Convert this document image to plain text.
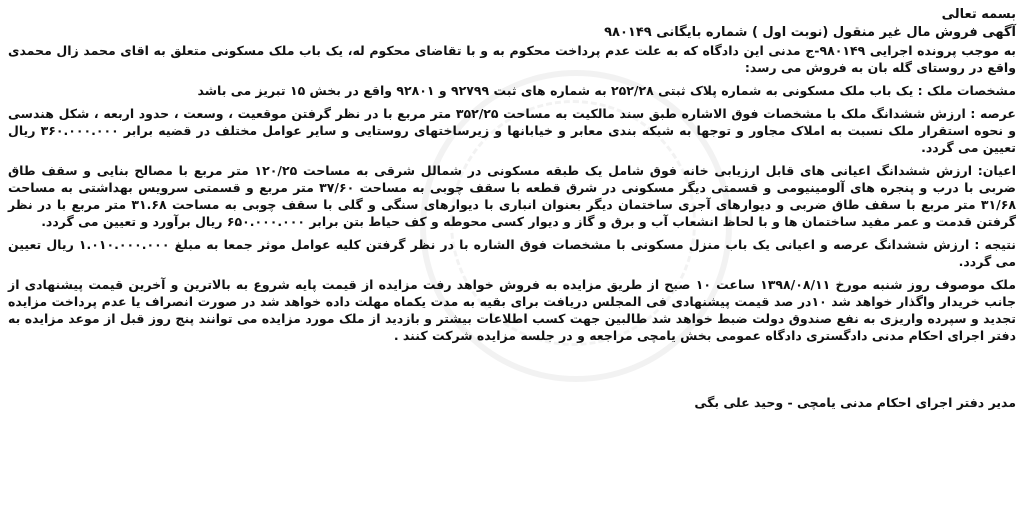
بسمه تعالی

آگهی فروش مال غیر منقول (نوبت اول ) شماره بایگانی ۹۸۰۱۴۹

به موجب پرونده اجرایی ۹۸۰۱۴۹-ج مدنی این دادگاه که به علت عدم پرداخت محکوم به و با تقاضای محکوم له، یک باب ملک مسکونی متعلق به اقای محمد زال محمدی واقع در روستای گله بان به فروش می رسد:

مشخصات ملک : یک باب ملک مسکونی به شماره پلاک ثبتی ۲۵۲/۲۸ به شماره های ثبت ۹۲۷۹۹ و ۹۲۸۰۱ واقع در بخش ۱۵ تبریز می باشد

عرصه : ارزش ششدانگ ملک با مشخصات فوق الاشاره طبق سند مالکیت به مساحت ۳۵۲/۲۵ متر مربع با در نظر گرفتن موقعیت ، وسعت ، حدود اربعه ، شکل هندسی و نحوه استقرار ملک نسبت به املاک مجاور و توجها به شبکه بندی معابر و خیابانها و زیرساختهای روستایی و سایر عوامل مختلف در قضیه برابر ۳۶۰.۰۰۰.۰۰۰ ریال تعیین می گردد.

اعیان: ارزش ششدانگ اعیانی های قابل ارزیابی خانه فوق شامل یک طبقه مسکونی در شمالل شرقی به مساحت ۱۲۰/۲۵ متر مربع با مصالح بنایی و سقف طاق ضربی با درب و پنجره های آلومینیومی و قسمتی دیگر مسکونی در شرق قطعه با سقف چوبی به مساحت ۳۷/۶۰ متر مربع و قسمتی سرویس بهداشتی به مساحت ۳۱/۶۸ متر مربع با سقف طاق ضربی و دیوارهای آجری ساختمان دیگر بعنوان انباری با دیوارهای سنگی و گلی با سقف چوبی به مساحت ۳۱.۶۸ متر مربع با در نظر گرفتن قدمت و عمر مفید ساختمان ها و با لحاظ انشعاب آب و برق و گاز و دیوار کسی محوطه و کف حیاط بتن برابر ۶۵۰.۰۰۰.۰۰۰ ریال برآورد و تعیین می گردد.

نتیجه : ارزش ششدانگ عرصه و اعیانی یک باب منزل مسکونی با مشخصات فوق الشاره با در نظر گرفتن کلیه عوامل موثر جمعا به مبلغ ۱.۰۱۰.۰۰۰.۰۰۰ ریال تعیین می گردد.

ملک موصوف روز شنبه مورخ ۱۳۹۸/۰۸/۱۱ ساعت ۱۰ صبح از طریق مزایده به فروش خواهد رفت مزایده از قیمت پایه شروع به بالاترین و آخرین قیمت پیشنهادی از جانب خریدار واگذار خواهد شد ۱۰در صد قیمت پیشنهادی فی المجلس دریافت برای بقیه به مدت یکماه مهلت داده خواهد شد در صورت انصراف یا عدم پرداخت مزایده تجدید و سپرده واریزی به نفع صندوق دولت ضبط خواهد شد طالبین جهت کسب اطلاعات بیشتر و بازدید از ملک مورد مزایده می توانند پنج روز قبل از موعد مزایده به دفتر اجرای احکام مدنی دادگستری دادگاه عمومی بخش یامچی مراجعه و در جلسه مزایده شرکت کنند .

مدیر دفتر اجرای احکام مدنی یامچی - وحید علی بگی
